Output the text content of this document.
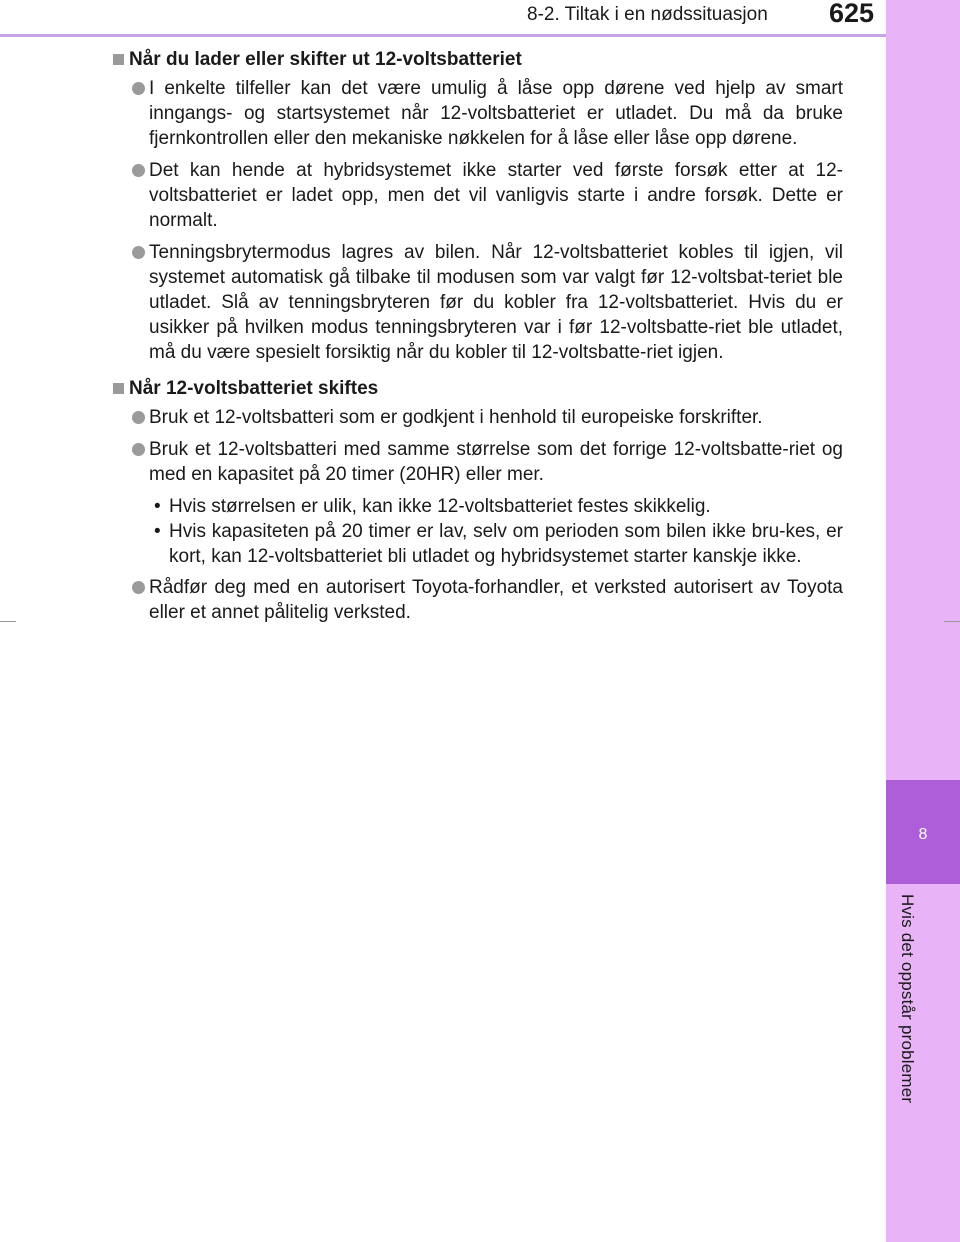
8-2. Tiltak i en nødssituasjon 625
8
Hvis det oppstår problemer
Når du lader eller skifter ut 12-voltsbatteriet
I enkelte tilfeller kan det være umulig å låse opp dørene ved hjelp av smart inngangs- og startsystemet når 12-voltsbatteriet er utladet. Du må da bruke fjernkontrollen eller den mekaniske nøkkelen for å låse eller låse opp dørene.
Det kan hende at hybridsystemet ikke starter ved første forsøk etter at 12-voltsbatteriet er ladet opp, men det vil vanligvis starte i andre forsøk. Dette er normalt.
Tenningsbrytermodus lagres av bilen. Når 12-voltsbatteriet kobles til igjen, vil systemet automatisk gå tilbake til modusen som var valgt før 12-voltsbat-teriet ble utladet. Slå av tenningsbryteren før du kobler fra 12-voltsbatteriet. Hvis du er usikker på hvilken modus tenningsbryteren var i før 12-voltsbatte-riet ble utladet, må du være spesielt forsiktig når du kobler til 12-voltsbatte-riet igjen.
Når 12-voltsbatteriet skiftes
Bruk et 12-voltsbatteri som er godkjent i henhold til europeiske forskrifter.
Bruk et 12-voltsbatteri med samme størrelse som det forrige 12-voltsbatte-riet og med en kapasitet på 20 timer (20HR) eller mer.
• Hvis størrelsen er ulik, kan ikke 12-voltsbatteriet festes skikkelig.
• Hvis kapasiteten på 20 timer er lav, selv om perioden som bilen ikke bru-kes, er kort, kan 12-voltsbatteriet bli utladet og hybridsystemet starter kanskje ikke.
Rådfør deg med en autorisert Toyota-forhandler, et verksted autorisert av Toyota eller et annet pålitelig verksted.
